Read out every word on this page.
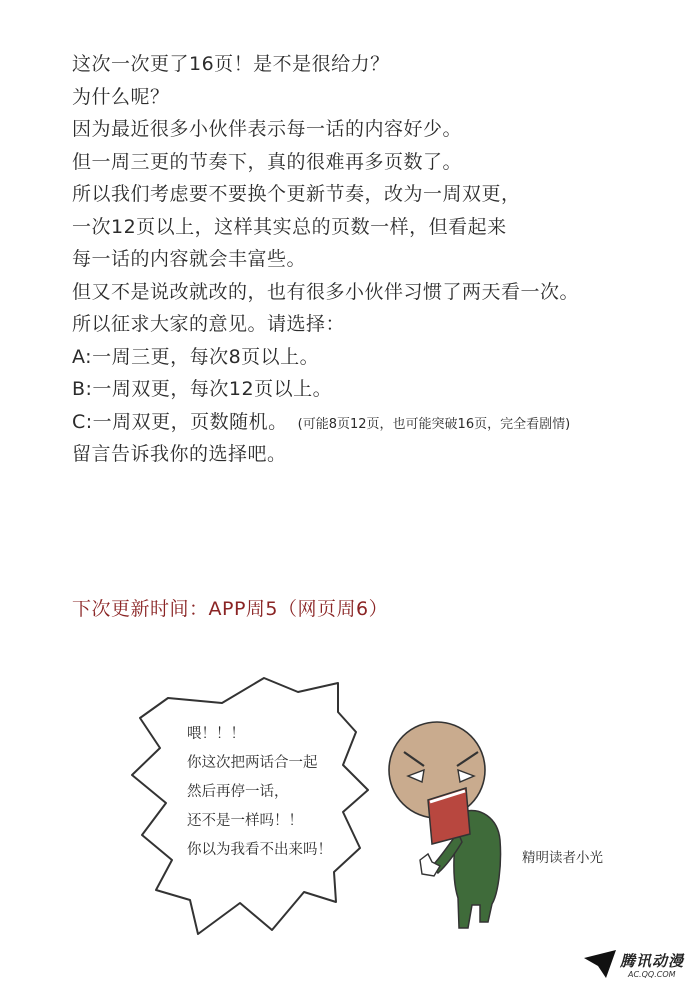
这次一次更了16页！是不是很给力？
为什么呢？
因为最近很多小伙伴表示每一话的内容好少。
但一周三更的节奏下，真的很难再多页数了。
所以我们考虑要不要换个更新节奏，改为一周双更，
一次12页以上，这样其实总的页数一样，但看起来
每一话的内容就会丰富些。
但又不是说改就改的，也有很多小伙伴习惯了两天看一次。
所以征求大家的意见。请选择：
A:一周三更，每次8页以上。
B:一周双更，每次12页以上。
C:一周双更，页数随机。 (可能8页12页，也可能突破16页，完全看剧情)
留言告诉我你的选择吧。
下次更新时间：APP周5（网页周6）
喂！！！
你这次把两话合一起
然后再停一话，
还不是一样吗！！
你以为我看不出来吗！	精明读者小光
腾讯动漫
AC.QQ.COM
